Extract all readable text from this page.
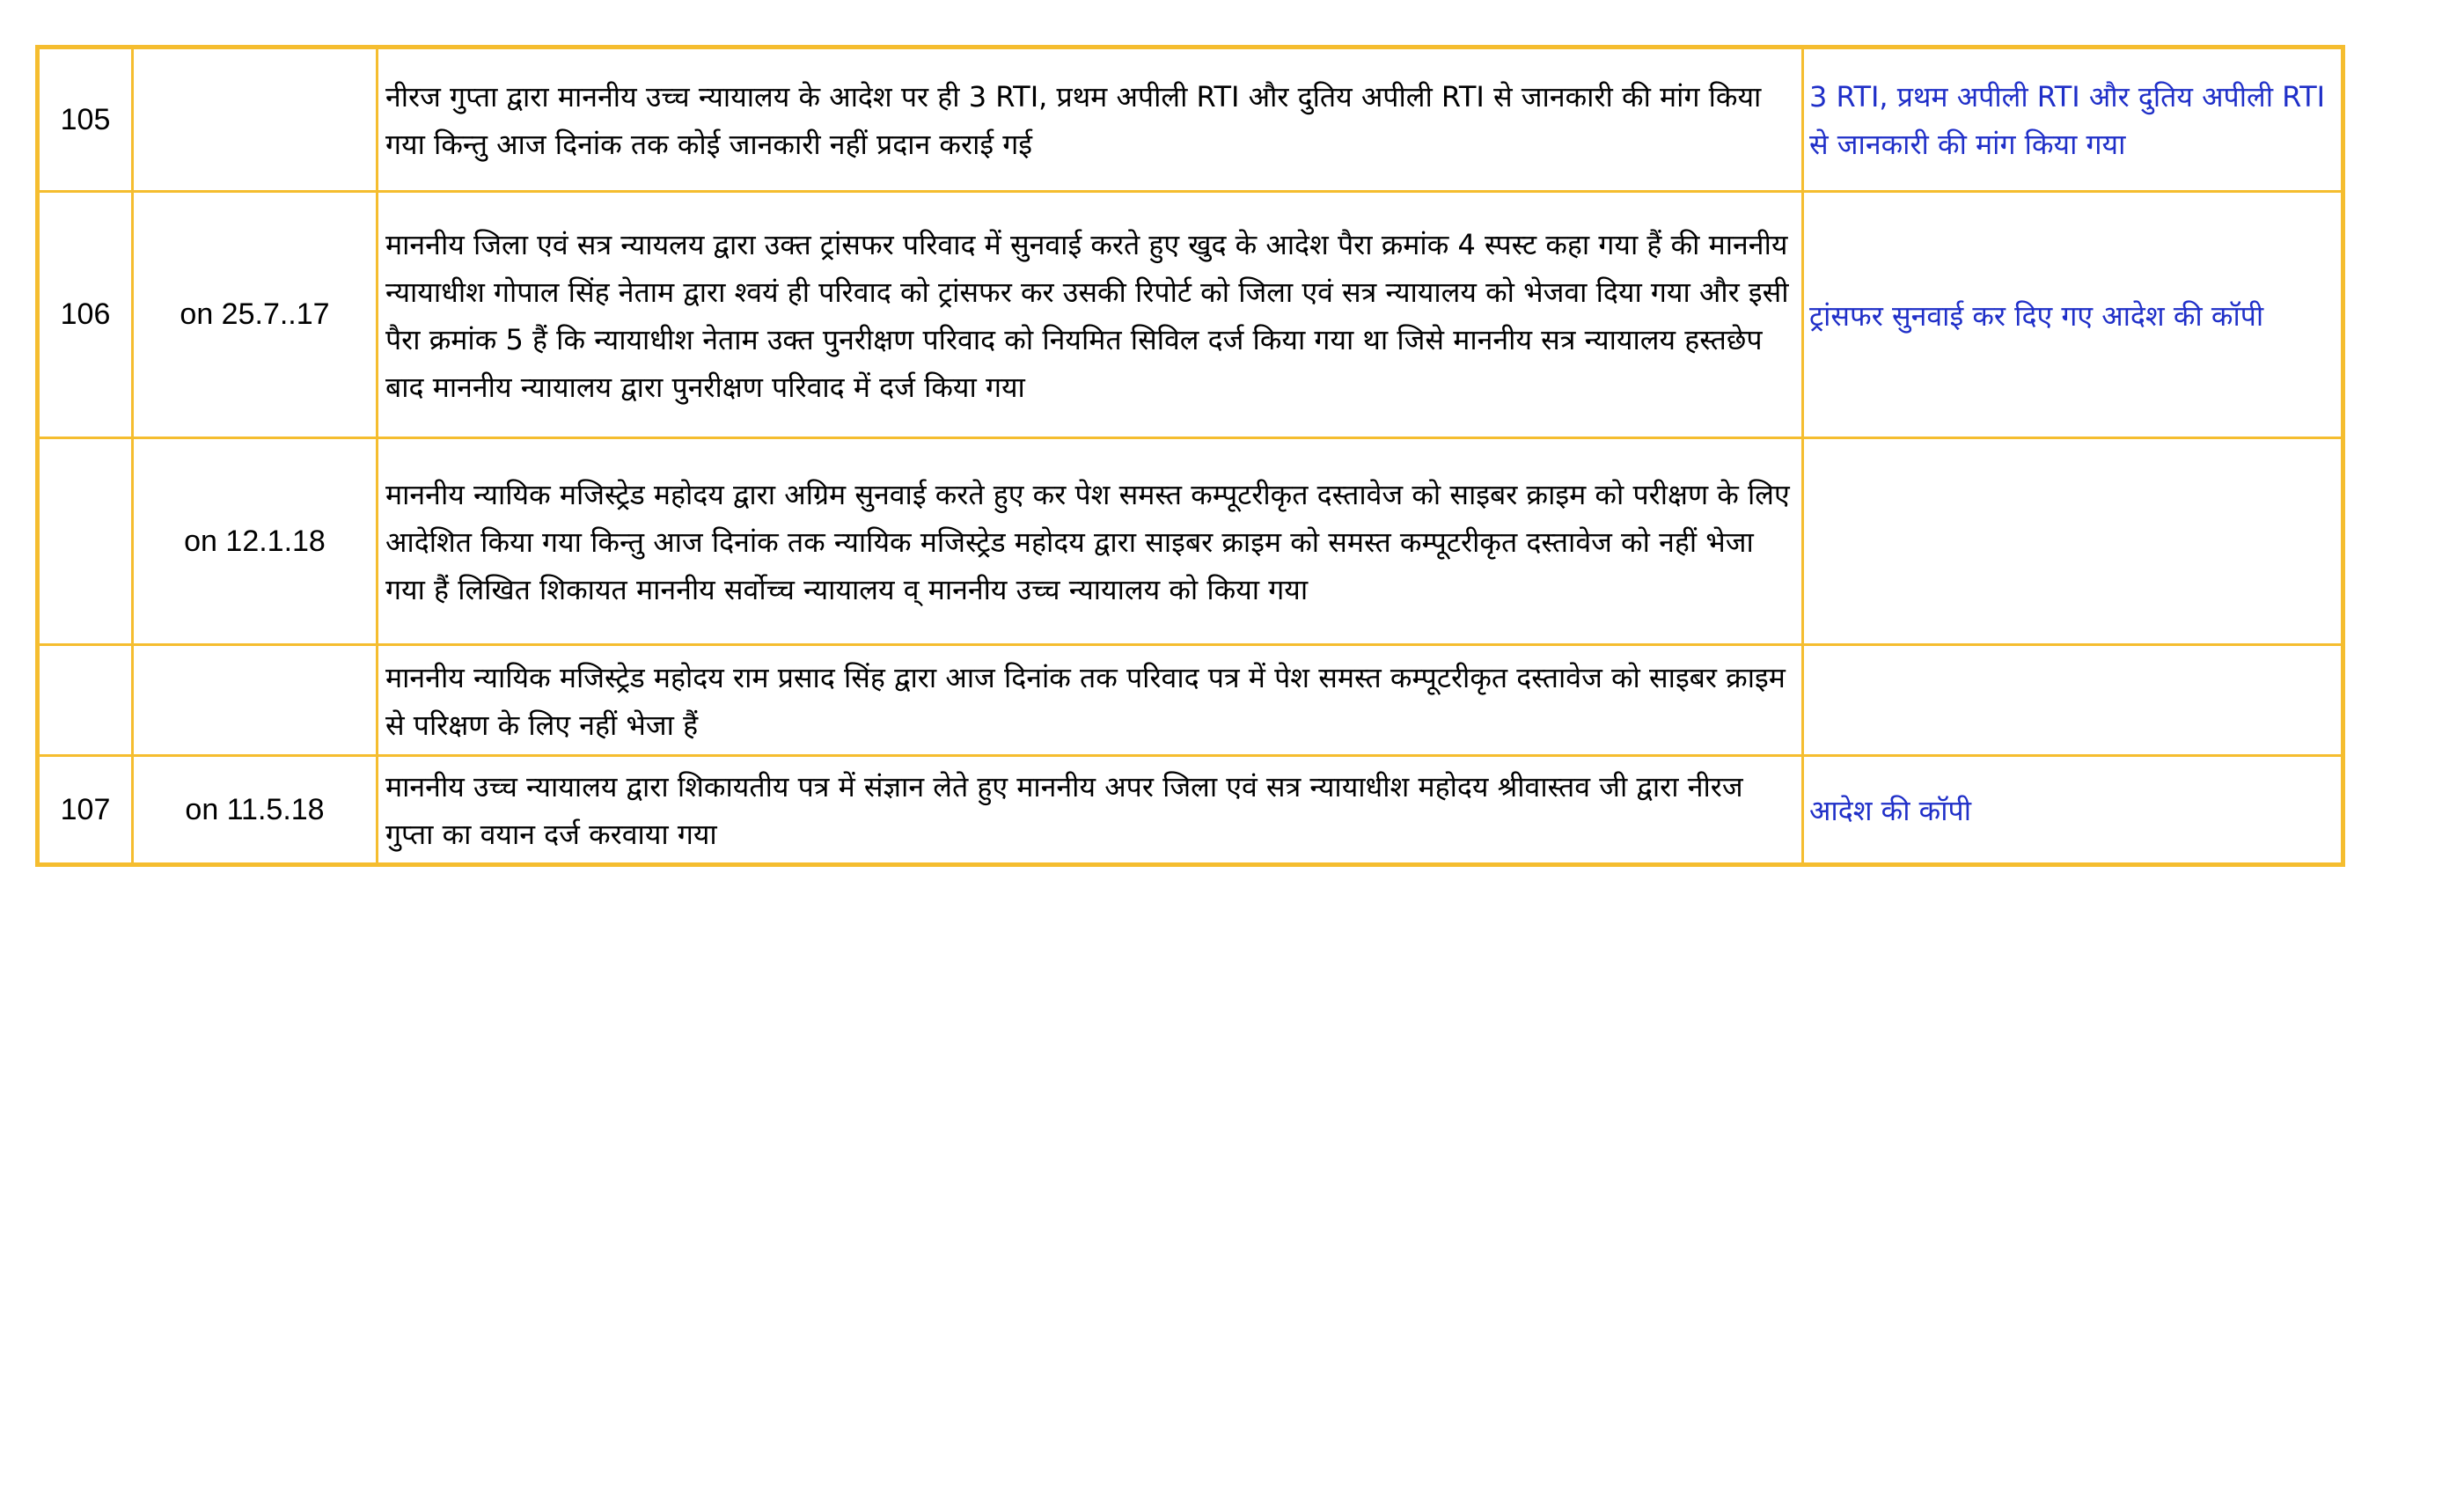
105		नीरज गुप्ता द्वारा माननीय उच्च न्यायालय के आदेश पर ही 3 RTI, प्रथम अपीली RTI और दुतिय अपीली RTI से जानकारी की मांग किया गया किन्तु आज दिनांक तक कोई जानकारी नहीं प्रदान कराई गई	3 RTI, प्रथम अपीली RTI और दुतिय अपीली RTI से जानकारी की मांग किया गया
106	on 25.7..17	माननीय जिला एवं सत्र न्यायलय द्वारा उक्त ट्रांसफर परिवाद में सुनवाई करते हुए खुद के आदेश पैरा क्रमांक 4 स्पस्ट कहा गया हैं की माननीय न्यायाधीश गोपाल सिंह नेताम द्वारा श्वयं ही परिवाद को ट्रांसफर कर उसकी रिपोर्ट को जिला एवं सत्र न्यायालय को भेजवा दिया गया और इसी पैरा क्रमांक 5 हैं कि न्यायाधीश नेताम उक्त पुनरीक्षण परिवाद को नियमित सिविल दर्ज किया गया था जिसे माननीय सत्र न्यायालय हस्तछेप बाद माननीय न्यायालय द्वारा पुनरीक्षण परिवाद में दर्ज किया गया	ट्रांसफर सुनवाई कर दिए गए आदेश की कॉपी
	on 12.1.18	माननीय न्यायिक मजिस्ट्रेड महोदय द्वारा अग्रिम सुनवाई करते हुए कर पेश समस्त कम्पूटरीकृत दस्तावेज को साइबर क्राइम को परीक्षण के लिए आदेशित किया गया किन्तु आज दिनांक तक न्यायिक मजिस्ट्रेड महोदय द्वारा साइबर क्राइम को समस्त कम्पूटरीकृत दस्तावेज को नहीं भेजा गया हैं लिखित शिकायत माननीय सर्वोच्च न्यायालय व् माननीय उच्च न्यायालय को किया गया	
		माननीय न्यायिक मजिस्ट्रेड महोदय राम प्रसाद सिंह द्वारा आज दिनांक तक परिवाद पत्र में पेश समस्त कम्पूटरीकृत दस्तावेज को साइबर क्राइम से परिक्षण के लिए नहीं भेजा हैं	
107	on 11.5.18	माननीय उच्च न्यायालय द्वारा शिकायतीय पत्र में संज्ञान लेते हुए माननीय अपर जिला एवं सत्र न्यायाधीश महोदय श्रीवास्तव जी द्वारा नीरज गुप्ता का वयान दर्ज करवाया गया	आदेश की कॉपी
